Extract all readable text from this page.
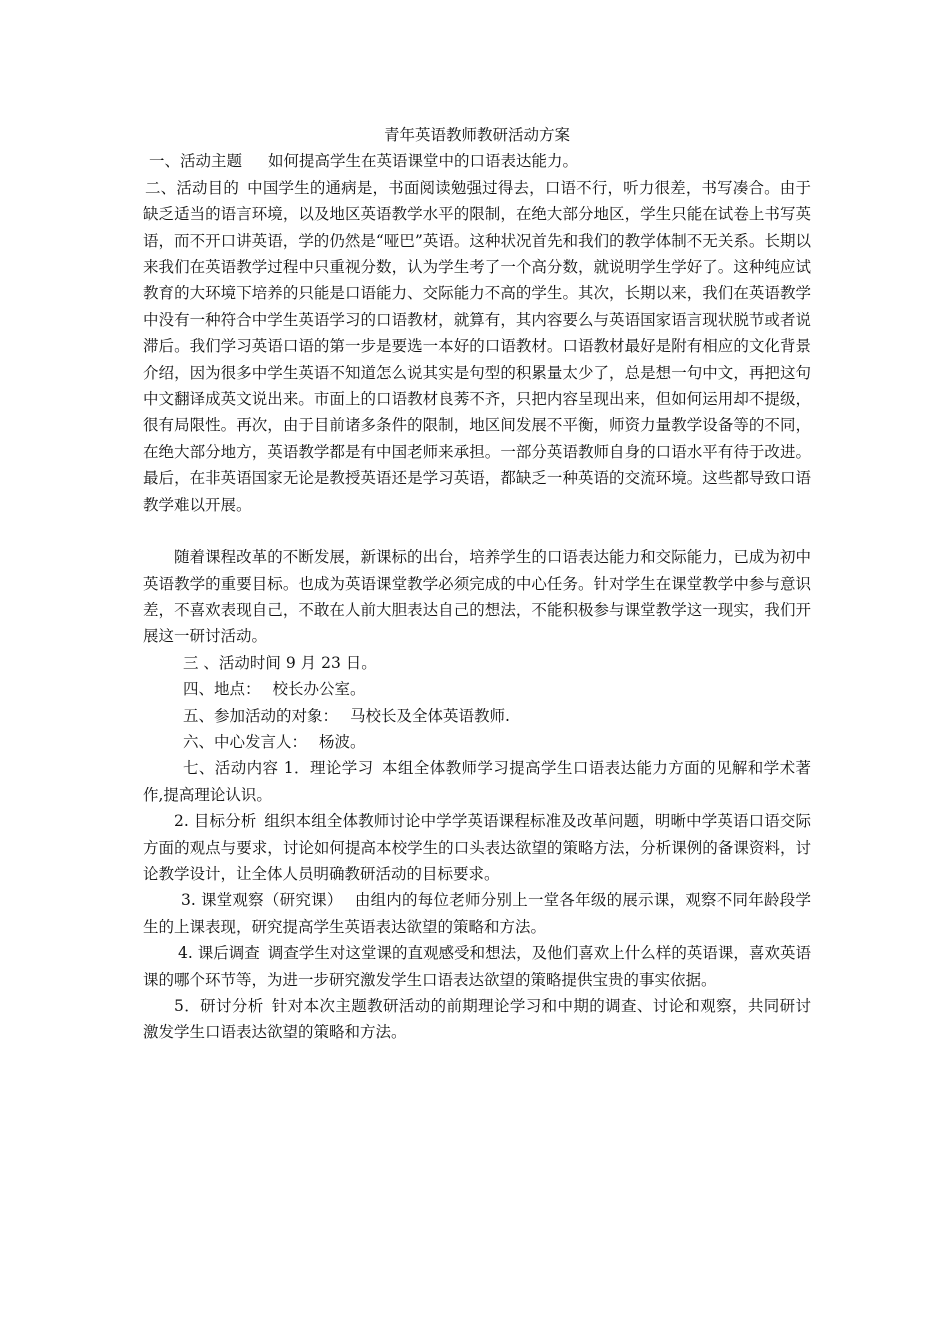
青年英语教师教研活动方案

一、活动主题 如何提高学生在英语课堂中的口语表达能力。

二、活动目的 中国学生的通病是，书面阅读勉强过得去，口语不行，听力很差，书写凑合。由于缺乏适当的语言环境，以及地区英语教学水平的限制，在绝大部分地区，学生只能在试卷上书写英语，而不开口讲英语，学的仍然是“哑巴”英语。这种状况首先和我们的教学体制不无关系。长期以来我们在英语教学过程中只重视分数，认为学生考了一个高分数，就说明学生学好了。这种纯应试教育的大环境下培养的只能是口语能力、交际能力不高的学生。其次，长期以来，我们在英语教学中没有一种符合中学生英语学习的口语教材，就算有，其内容要么与英语国家语言现状脱节或者说滞后。我们学习英语口语的第一步是要选一本好的口语教材。口语教材最好是附有相应的文化背景介绍，因为很多中学生英语不知道怎么说其实是句型的积累量太少了，总是想一句中文，再把这句中文翻译成英文说出来。市面上的口语教材良莠不齐，只把内容呈现出来，但如何运用却不提级，很有局限性。再次，由于目前诸多条件的限制，地区间发展不平衡，师资力量教学设备等的不同，在绝大部分地方，英语教学都是有中国老师来承担。一部分英语教师自身的口语水平有待于改进。最后，在非英语国家无论是教授英语还是学习英语，都缺乏一种英语的交流环境。这些都导致口语教学难以开展。

随着课程改革的不断发展，新课标的出台，培养学生的口语表达能力和交际能力，已成为初中英语教学的重要目标。也成为英语课堂教学必须完成的中心任务。针对学生在课堂教学中参与意识差，不喜欢表现自己，不敢在人前大胆表达自己的想法，不能积极参与课堂教学这一现实，我们开展这一研讨活动。

三 、活动时间 9 月 23 日。

四、地点： 校长办公室。

五、参加活动的对象： 马校长及全体英语教师.

六、中心发言人： 杨波。

七、活动内容 1．理论学习 本组全体教师学习提高学生口语表达能力方面的见解和学术著作,提高理论认识。

2. 目标分析 组织本组全体教师讨论中学学英语课程标准及改革问题，明晰中学英语口语交际方面的观点与要求，讨论如何提高本校学生的口头表达欲望的策略方法，分析课例的备课资料，讨论教学设计，让全体人员明确教研活动的目标要求。

3. 课堂观察（研究课） 由组内的每位老师分别上一堂各年级的展示课，观察不同年龄段学生的上课表现，研究提高学生英语表达欲望的策略和方法。

4. 课后调查 调查学生对这堂课的直观感受和想法，及他们喜欢上什么样的英语课，喜欢英语课的哪个环节等，为进一步研究激发学生口语表达欲望的策略提供宝贵的事实依据。

5．研讨分析 针对本次主题教研活动的前期理论学习和中期的调查、讨论和观察，共同研讨激发学生口语表达欲望的策略和方法。
